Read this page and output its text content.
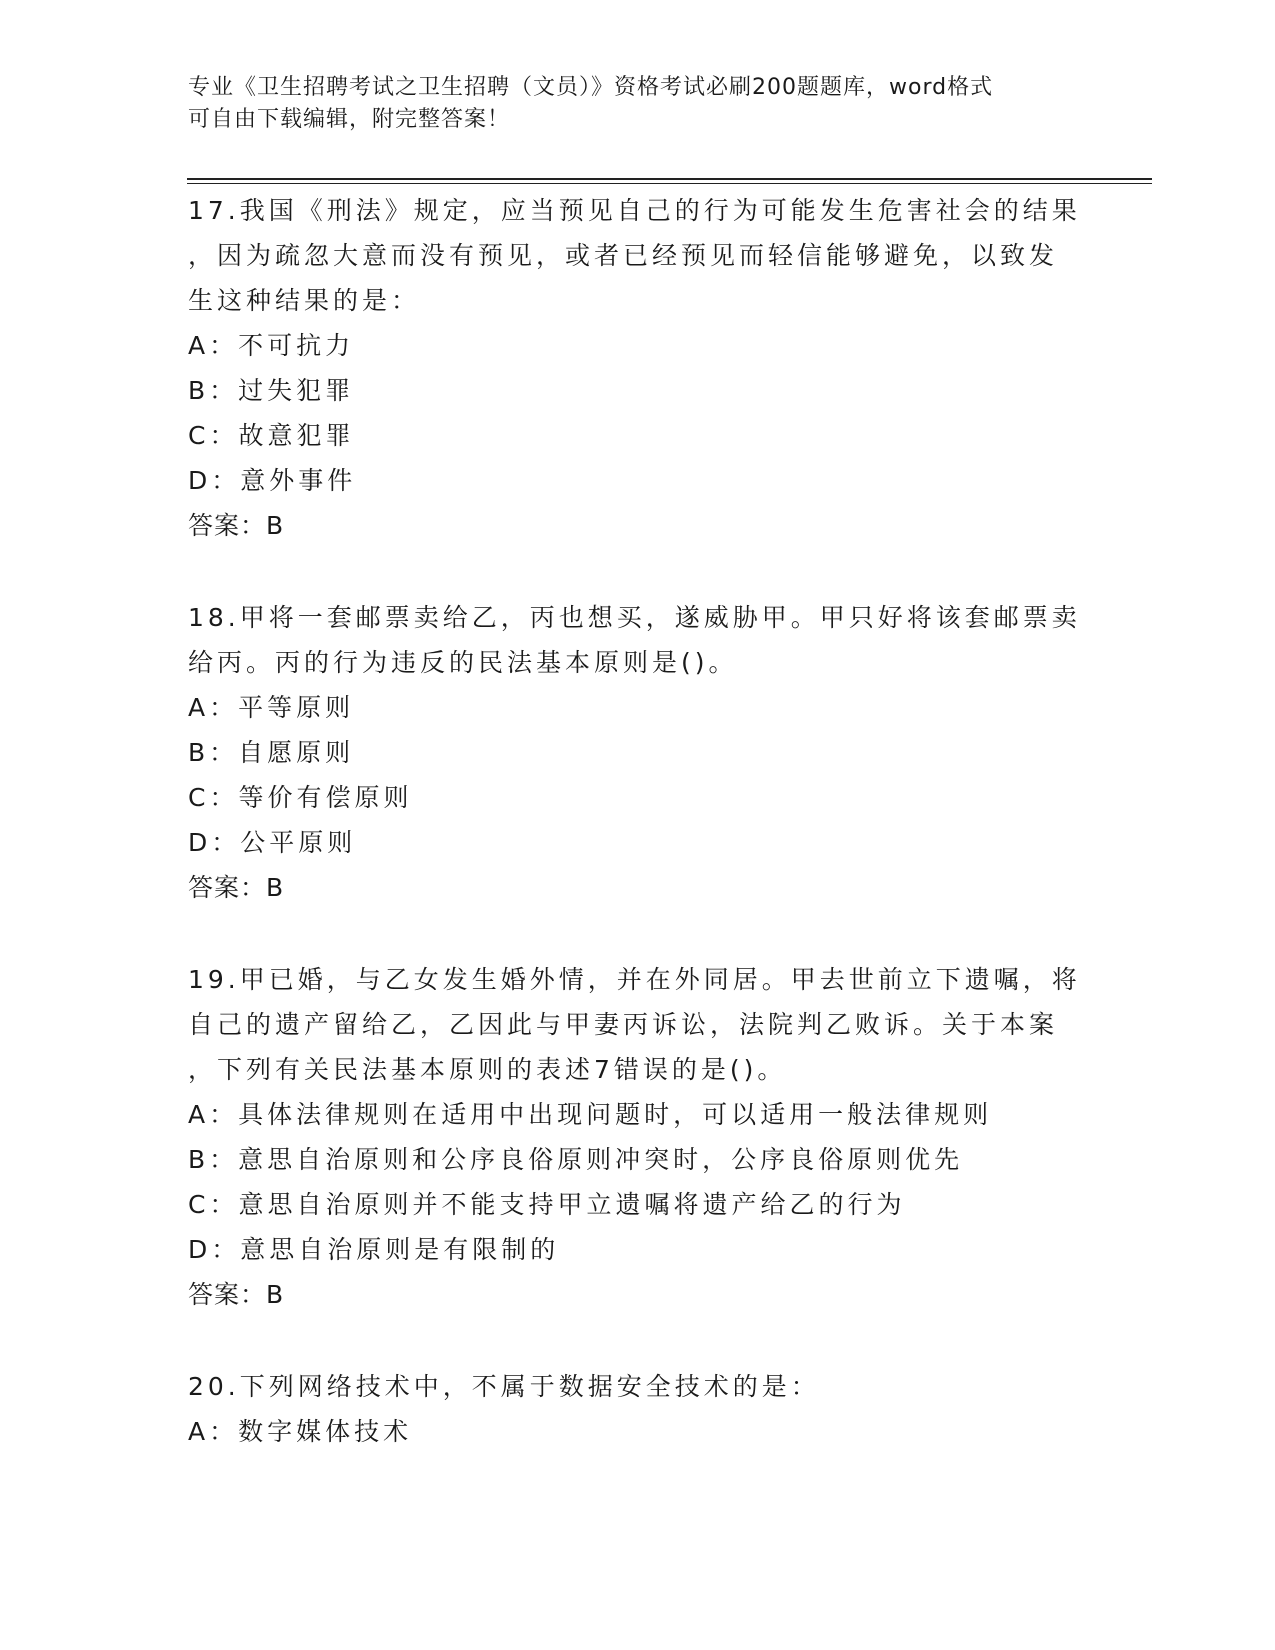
专业《卫生招聘考试之卫生招聘（文员）》资格考试必刷200题题库，word格式
可自由下载编辑，附完整答案！
17.我国《刑法》规定，应当预见自己的行为可能发生危害社会的结果
，因为疏忽大意而没有预见，或者已经预见而轻信能够避免，以致发
生这种结果的是：
A：不可抗力
B：过失犯罪
C：故意犯罪
D：意外事件
答案：B
18.甲将一套邮票卖给乙，丙也想买，遂威胁甲。甲只好将该套邮票卖
给丙。丙的行为违反的民法基本原则是()。
A：平等原则
B：自愿原则
C：等价有偿原则
D：公平原则
答案：B
19.甲已婚，与乙女发生婚外情，并在外同居。甲去世前立下遗嘱，将
自己的遗产留给乙，乙因此与甲妻丙诉讼，法院判乙败诉。关于本案
，下列有关民法基本原则的表述7错误的是()。
A：具体法律规则在适用中出现问题时，可以适用一般法律规则
B：意思自治原则和公序良俗原则冲突时，公序良俗原则优先
C：意思自治原则并不能支持甲立遗嘱将遗产给乙的行为
D：意思自治原则是有限制的
答案：B
20.下列网络技术中，不属于数据安全技术的是：
A：数字媒体技术
